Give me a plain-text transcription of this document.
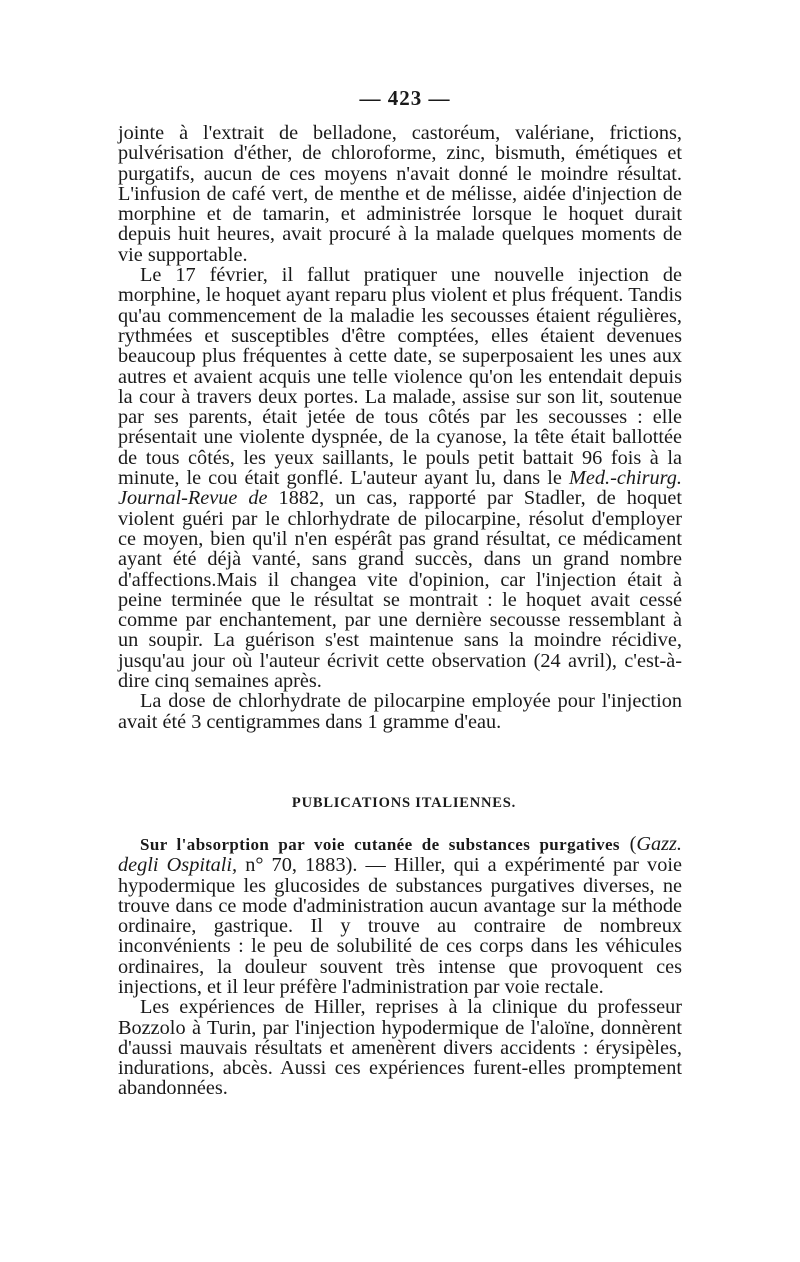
— 423 —

jointe à l'extrait de belladone, castoréum, valériane, frictions, pulvérisation d'éther, de chloroforme, zinc, bismuth, émétiques et purgatifs, aucun de ces moyens n'avait donné le moindre résultat. L'infusion de café vert, de menthe et de mélisse, aidée d'injection de morphine et de tamarin, et administrée lorsque le hoquet durait depuis huit heures, avait procuré à la malade quelques moments de vie supportable.

Le 17 février, il fallut pratiquer une nouvelle injection de morphine, le hoquet ayant reparu plus violent et plus fréquent. Tandis qu'au commencement de la maladie les secousses étaient régulières, rythmées et susceptibles d'être comptées, elles étaient devenues beaucoup plus fréquentes à cette date, se superposaient les unes aux autres et avaient acquis une telle violence qu'on les entendait depuis la cour à travers deux portes. La malade, assise sur son lit, soutenue par ses parents, était jetée de tous côtés par les secousses : elle présentait une violente dyspnée, de la cyanose, la tête était ballottée de tous côtés, les yeux saillants, le pouls petit battait 96 fois à la minute, le cou était gonflé. L'auteur ayant lu, dans le Med.-chirurg. Journal-Revue de 1882, un cas, rapporté par Stadler, de hoquet violent guéri par le chlorhydrate de pilocarpine, résolut d'employer ce moyen, bien qu'il n'en espérât pas grand résultat, ce médicament ayant été déjà vanté, sans grand succès, dans un grand nombre d'affections.Mais il changea vite d'opinion, car l'injection était à peine terminée que le résultat se montrait : le hoquet avait cessé comme par enchantement, par une dernière secousse ressemblant à un soupir. La guérison s'est maintenue sans la moindre récidive, jusqu'au jour où l'auteur écrivit cette observation (24 avril), c'est-à-dire cinq semaines après.

La dose de chlorhydrate de pilocarpine employée pour l'injection avait été 3 centigrammes dans 1 gramme d'eau.

PUBLICATIONS ITALIENNES.

Sur l'absorption par voie cutanée de substances purgatives (Gazz. degli Ospitali, n° 70, 1883). — Hiller, qui a expérimenté par voie hypodermique les glucosides de substances purgatives diverses, ne trouve dans ce mode d'administration aucun avantage sur la méthode ordinaire, gastrique. Il y trouve au contraire de nombreux inconvénients : le peu de solubilité de ces corps dans les véhicules ordinaires, la douleur souvent très intense que provoquent ces injections, et il leur préfère l'administration par voie rectale.

Les expériences de Hiller, reprises à la clinique du professeur Bozzolo à Turin, par l'injection hypodermique de l'aloïne, donnèrent d'aussi mauvais résultats et amenèrent divers accidents : érysipèles, indurations, abcès. Aussi ces expériences furent-elles promptement abandonnées.
